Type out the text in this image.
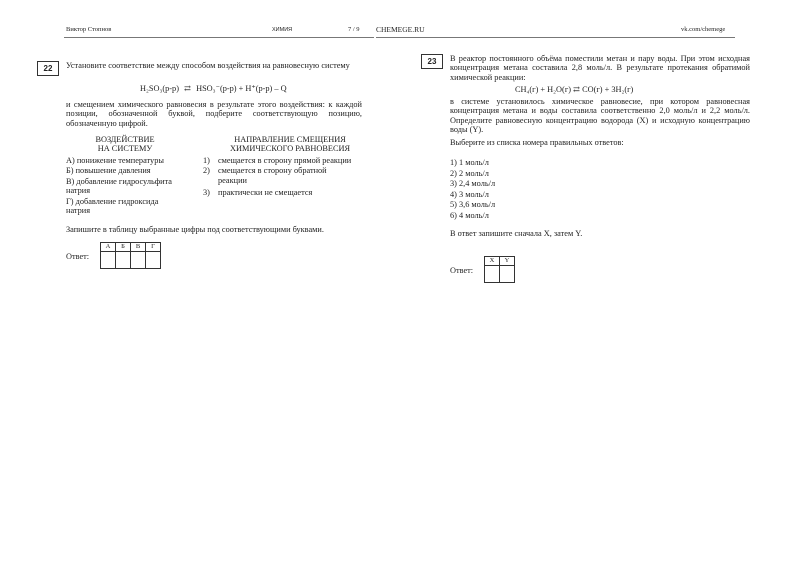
Виктор Стопнов	ХИМИЯ	7 / 9 CHEMEGE.RU	vk.com/chemege
22	Установите соответствие между способом воздействия на равновесную систему
H₂SO₃(р-р) ⇄ HSO₃⁻(р-р) + H⁺(р-р) – Q
и смещением химического равновесия в результате этого воздействия: к каждой позиции, обозначенной буквой, подберите соответствующую позицию, обозначенную цифрой.
ВОЗДЕЙСТВИЕ
НА СИСТЕМУ
НАПРАВЛЕНИЕ СМЕЩЕНИЯ
ХИМИЧЕСКОГО РАВНОВЕСИЯ
А) понижение температуры
Б) повышение давления
В) добавление гидросульфита натрия
Г) добавление гидроксида натрия
1) смещается в сторону прямой реакции
2) смещается в сторону обратной реакции
3) практически не смещается
Запишите в таблицу выбранные цифры под соответствующими буквами.
Ответ:
А	Б	В	Г

23	В реактор постоянного объёма поместили метан и пару воды. При этом исходная концентрация метана составила 2,8 моль/л. В результате протекания обратимой химической реакции:
CH₄(г) + H₂O(г) ⇄ CO(г) + 3H₂(г)
в системе установилось химическое равновесие, при котором равновесная концентрация метана и воды составила соответственно 2,0 моль/л и 2,2 моль/л. Определите равновесную концентрацию водорода (X) и исходную концентрацию воды (Y).
Выберите из списка номера правильных ответов:
1) 1 моль/л
2) 2 моль/л
3) 2,4 моль/л
4) 3 моль/л
5) 3,6 моль/л
6) 4 моль/л
В ответ запишите сначала X, затем Y.
Ответ:
X	Y
